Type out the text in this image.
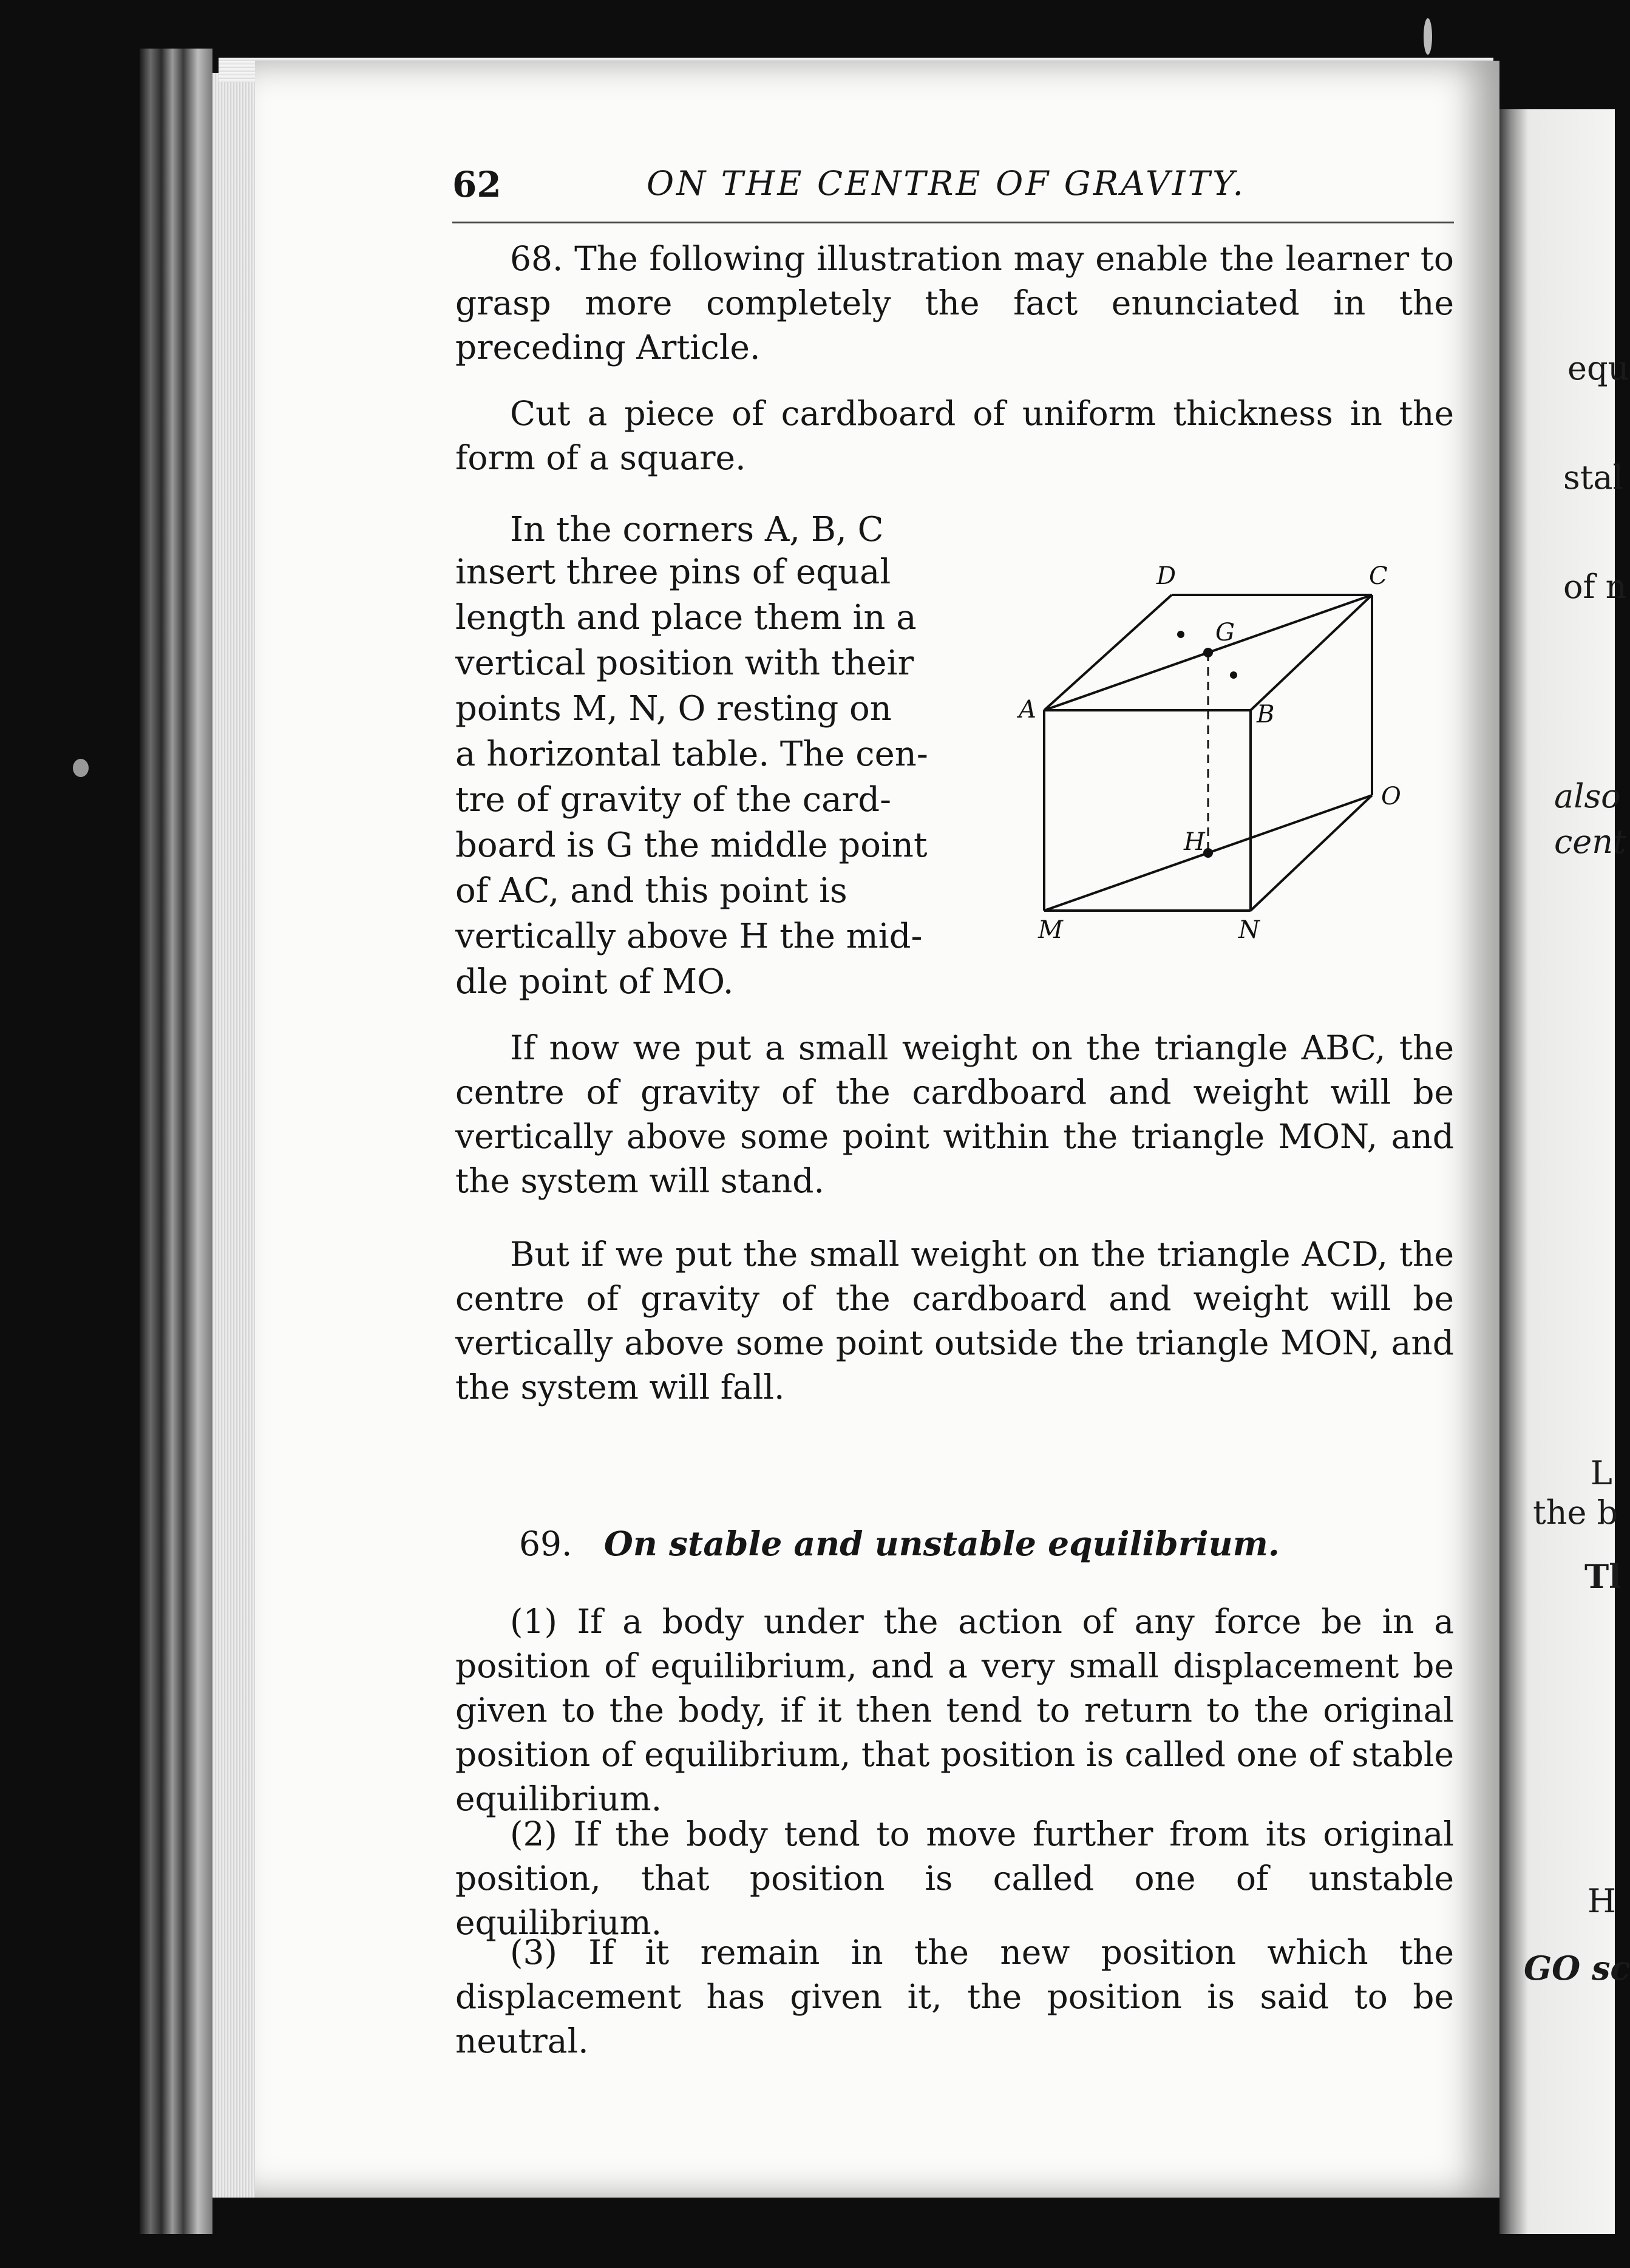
equ
stal
of n
also
cent
L
the b
Tl
H
GO sc
62	ON THE CENTRE OF GRAVITY.
68. The following illustration may enable the learner to grasp more completely the fact enunciated in the preceding Article.
Cut a piece of cardboard of uniform thickness in the form of a square.
In the corners A, B, C
insert three pins of equal
length and place them in a
vertical position with their
points M, N, O resting on
a horizontal table. The cen-
tre of gravity of the card-
board is G the middle point
of AC, and this point is
vertically above H the mid-
dle point of MO.
A	B
C
D
G
H
M	N
O
If now we put a small weight on the triangle ABC, the centre of gravity of the cardboard and weight will be vertically above some point within the triangle MON, and the system will stand.
But if we put the small weight on the triangle ACD, the centre of gravity of the cardboard and weight will be vertically above some point outside the triangle MON, and the system will fall.
69. On stable and unstable equilibrium.
(1) If a body under the action of any force be in a position of equilibrium, and a very small displacement be given to the body, if it then tend to return to the original position of equilibrium, that position is called one of stable equilibrium.
(2) If the body tend to move further from its original position, that position is called one of unstable equilibrium.
(3) If it remain in the new position which the displacement has given it, the position is said to be neutral.
